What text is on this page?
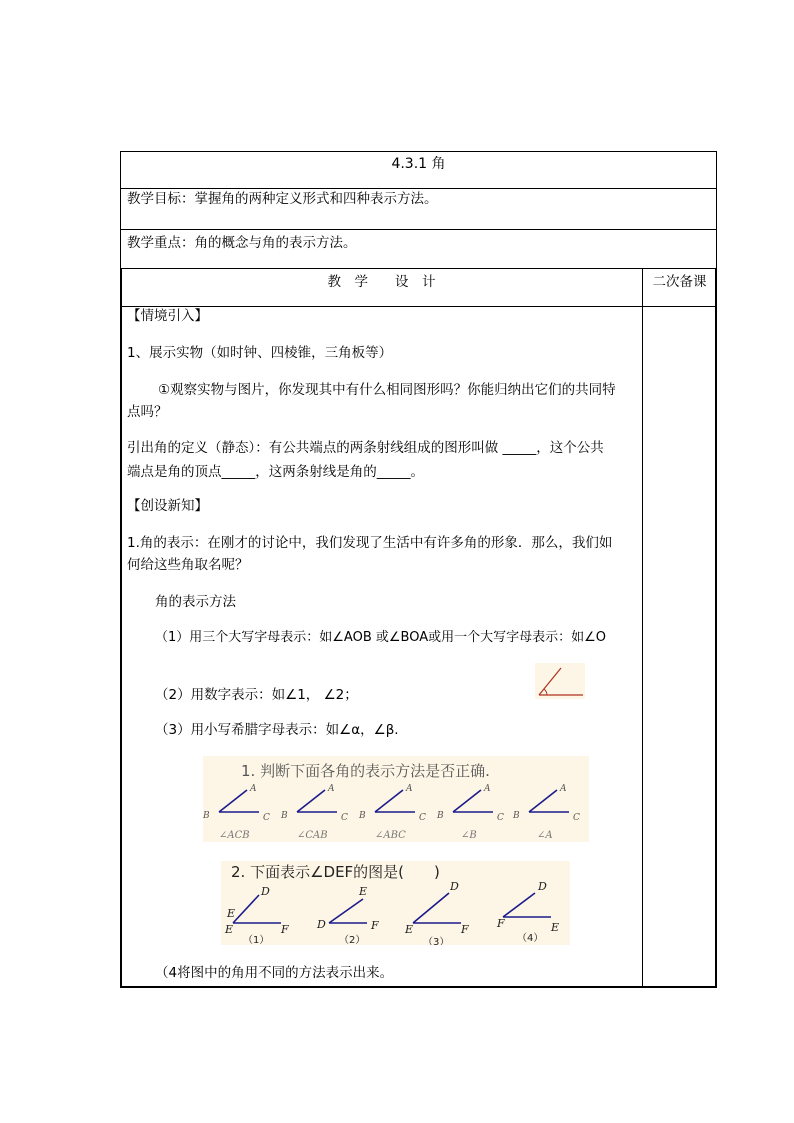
4.3.1 角
教学目标：掌握角的两种定义形式和四种表示方法。
教学重点：角的概念与角的表示方法。
教　学　　设　计	二次备课
【情境引入】
1、展示实物（如时钟、四棱锥，三角板等）
①观察实物与图片，你发现其中有什么相同图形吗？你能归纳出它们的共同特
点吗？
引出角的定义（静态）：有公共端点的两条射线组成的图形叫做 _____，这个公共
端点是角的顶点_____，这两条射线是角的_____。
【创设新知】
1.角的表示：在刚才的讨论中，我们发现了生活中有许多角的形象．那么，我们如
何给这些角取名呢？
角的表示方法
（1）用三个大写字母表示：如∠AOB 或∠BOA或用一个大写字母表示：如∠O
（2）用数字表示：如∠1， ∠2；
（3）用小写希腊字母表示：如∠α，∠β.
1. 判断下面各角的表示方法是否正确.
A
B	C
∠ACB
A
B	C
∠CAB
A
B	C
∠ABC
A
B	C
∠B
A
B	C
∠A
2. 下面表示∠DEF的图是(　　)
D
E
E	F
（1）
E
D	F
（2）
D
E	F
（3）
D
F	E
（4）
（4将图中的角用不同的方法表示出来。
